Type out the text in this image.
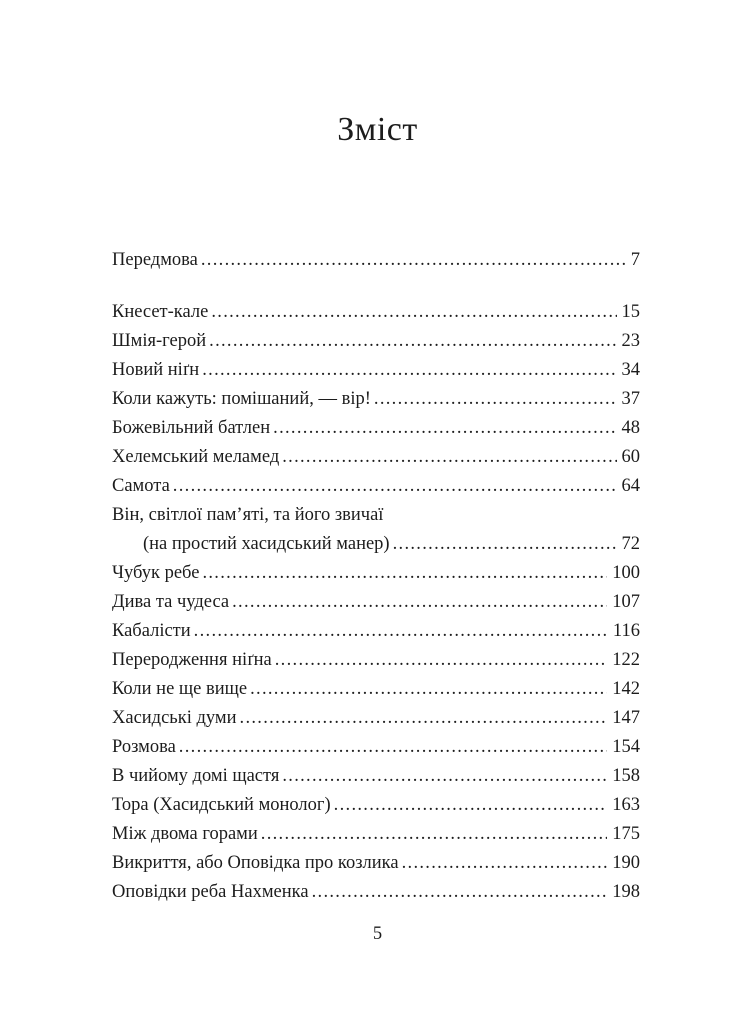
Зміст
Передмова .....	7
Кнесет-кале .....	15
Шмія-герой .....	23
Новий ніґн .....	34
Коли кажуть: помішаний, — вір! .....	37
Божевільний батлен .....	48
Хелемський меламед .....	60
Самота .....	64
Він, світлої пам’яті, та його звичаї
(на простий хасидський манер) .....	72
Чубук ребе .....	100
Дива та чудеса .....	107
Кабалісти .....	116
Переродження ніґна .....	122
Коли не ще вище .....	142
Хасидські думи .....	147
Розмова .....	154
В чийому домі щастя .....	158
Тора (Хасидський монолог) .....	163
Між двома горами .....	175
Викриття, або Оповідка про козлика .....	190
Оповідки реба Нахменка .....	198
5
